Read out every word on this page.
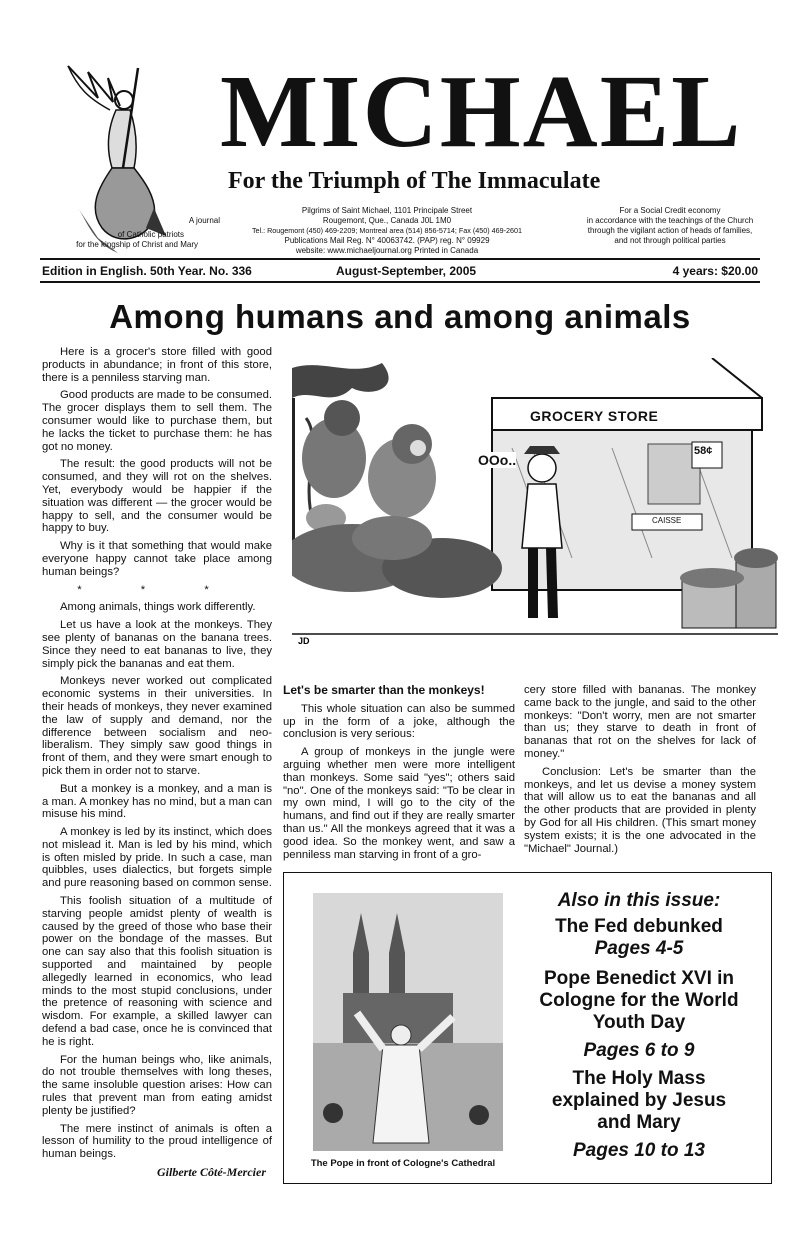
MICHAEL
For the Triumph of The Immaculate
A journal
of Catholic patriots
for the kingship of Christ and Mary
Pilgrims of Saint Michael, 1101 Principale Street
Rougemont, Que., Canada J0L 1M0
Tel.: Rougemont (450) 469-2209; Montreal area (514) 856-5714; Fax (450) 469-2601
Publications Mail Reg. N° 40063742. (PAP) reg. N° 09929
website: www.michaeljournal.org Printed in Canada
For a Social Credit economy
in accordance with the teachings of the Church
through the vigilant action of heads of families,
and not through political parties
Edition in English. 50th Year. No. 336	August-September, 2005	4 years: $20.00
Among humans and among animals

Here is a grocer's store filled with good products in abundance; in front of this store, there is a penniless starving man.

Good products are made to be consumed. The grocer displays them to sell them. The consumer would like to purchase them, but he lacks the ticket to purchase them: he has got no money.

The result: the good products will not be consumed, and they will rot on the shelves. Yet, everybody would be happier if the situation was different — the grocer would be happy to sell, and the consumer would be happy to buy.

Why is it that something that would make everyone happy cannot take place among human beings?

* * *

Among animals, things work differently.

Let us have a look at the monkeys. They see plenty of bananas on the banana trees. Since they need to eat bananas to live, they simply pick the bananas and eat them.

Monkeys never worked out complicated economic systems in their universities. In their heads of monkeys, they never examined the law of supply and demand, nor the difference between socialism and neo-liberalism. They simply saw good things in front of them, and they were smart enough to pick them in order not to starve.

But a monkey is a monkey, and a man is a man. A monkey has no mind, but a man can misuse his mind.

A monkey is led by its instinct, which does not mislead it. Man is led by his mind, which is often misled by pride. In such a case, man quibbles, uses dialectics, but forgets simple and pure reasoning based on common sense.

This foolish situation of a multitude of starving people amidst plenty of wealth is caused by the greed of those who base their power on the bondage of the masses. But one can say also that this foolish situation is supported and maintained by people allegedly learned in economics, who lead minds to the most stupid conclusions, under the pretence of reasoning with science and wisdom. For example, a skilled lawyer can defend a bad case, once he is convinced that he is right.

For the human beings who, like animals, do not trouble themselves with long theses, the same insoluble question arises: How can rules that prevent man from eating amidst plenty be justified?

The mere instinct of animals is often a lesson of humility to the proud intelligence of human beings.

Gilberte Côté-Mercier

JD
GROCERY STORE
OOo..
58¢
CAISSE

Let's be smarter than the monkeys!

This whole situation can also be summed up in the form of a joke, although the conclusion is very serious:

A group of monkeys in the jungle were arguing whether men were more intelligent than monkeys. Some said "yes"; others said "no". One of the monkeys said: "To be clear in my own mind, I will go to the city of the humans, and find out if they are really smarter than us." All the monkeys agreed that it was a good idea. So the monkey went, and saw a penniless man starving in front of a gro-

cery store filled with bananas. The monkey came back to the jungle, and said to the other monkeys: "Don't worry, men are not smarter than us; they starve to death in front of bananas that rot on the shelves for lack of money."

Conclusion: Let's be smarter than the monkeys, and let us devise a money system that will allow us to eat the bananas and all the other products that are provided in plenty by God for all His children. (This smart money system exists; it is the one advocated in the "Michael" Journal.)

The Pope in front of Cologne's Cathedral
Also in this issue:
The Fed debunked
Pages 4-5
Pope Benedict XVI in Cologne for the World Youth Day
Pages 6 to 9
The Holy Mass explained by Jesus and Mary
Pages 10 to 13
